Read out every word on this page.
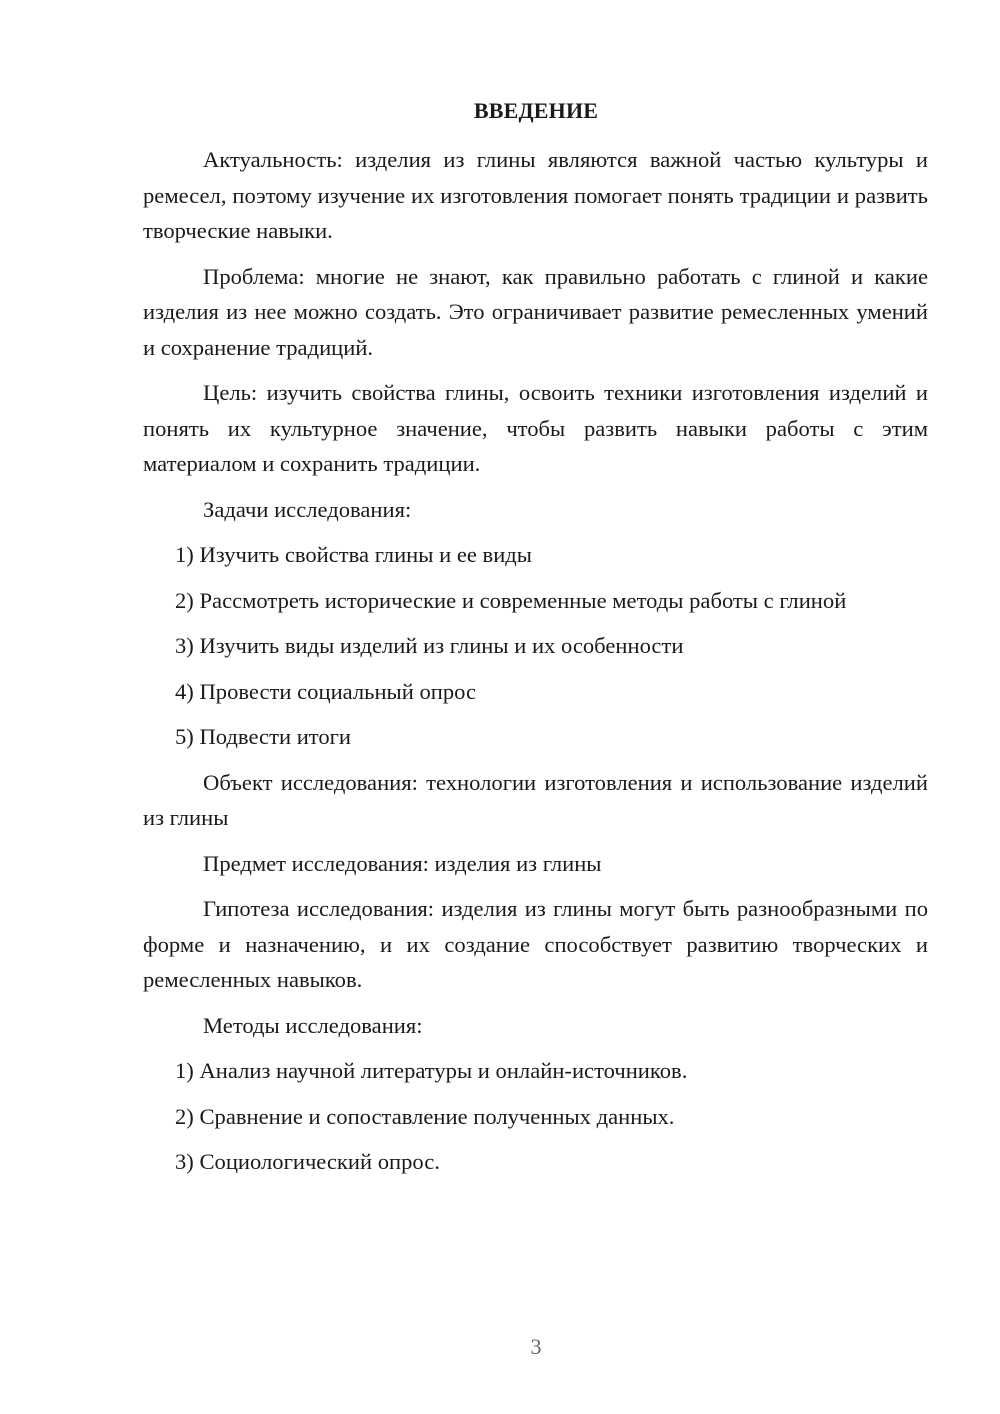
ВВЕДЕНИЕ

Актуальность: изделия из глины являются важной частью культуры и ремесел, поэтому изучение их изготовления помогает понять традиции и развить творческие навыки.

Проблема: многие не знают, как правильно работать с глиной и какие изделия из нее можно создать. Это ограничивает развитие ремесленных умений и сохранение традиций.

Цель: изучить свойства глины, освоить техники изготовления изделий и понять их культурное значение, чтобы развить навыки работы с этим материалом и сохранить традиции.

Задачи исследования:

1) Изучить свойства глины и ее виды
2) Рассмотреть исторические и современные методы работы с глиной
3) Изучить виды изделий из глины и их особенности
4) Провести социальный опрос
5) Подвести итоги

Объект исследования: технологии изготовления и использование изделий из глины

Предмет исследования: изделия из глины

Гипотеза исследования: изделия из глины могут быть разнообразными по форме и назначению, и их создание способствует развитию творческих и ремесленных навыков.

Методы исследования:

1) Анализ научной литературы и онлайн-источников.
2) Сравнение и сопоставление полученных данных.
3) Социологический опрос.
3
